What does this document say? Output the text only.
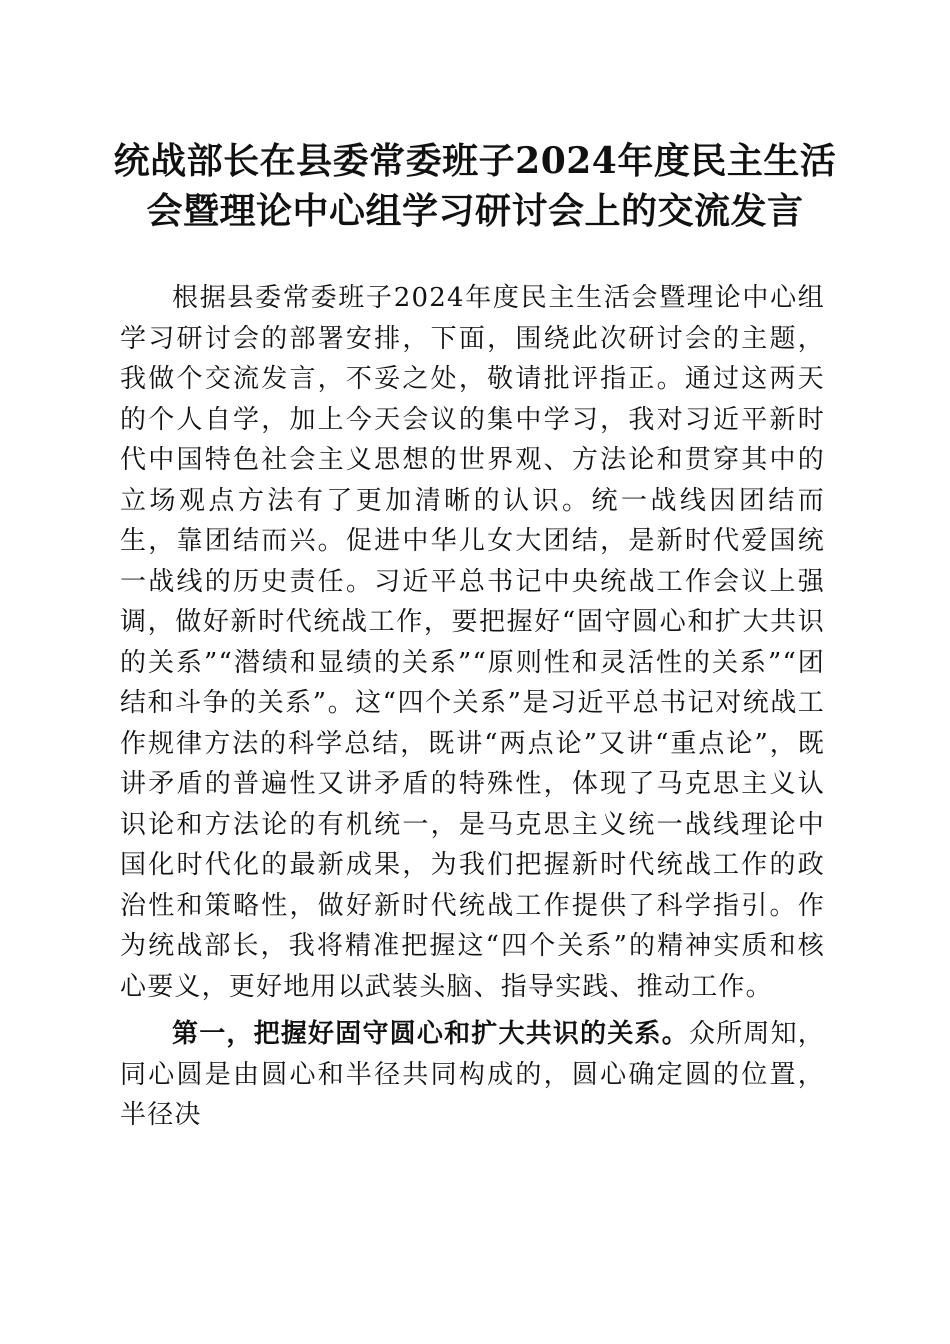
统战部长在县委常委班子2024年度民主生活
会暨理论中心组学习研讨会上的交流发言

根据县委常委班子2024年度民主生活会暨理论中心组学习研讨会的部署安排，下面，围绕此次研讨会的主题，我做个交流发言，不妥之处，敬请批评指正。通过这两天的个人自学，加上今天会议的集中学习，我对习近平新时代中国特色社会主义思想的世界观、方法论和贯穿其中的立场观点方法有了更加清晰的认识。统一战线因团结而生，靠团结而兴。促进中华儿女大团结，是新时代爱国统一战线的历史责任。习近平总书记中央统战工作会议上强调，做好新时代统战工作，要把握好“固守圆心和扩大共识的关系”“潜绩和显绩的关系”“原则性和灵活性的关系”“团结和斗争的关系”。这“四个关系”是习近平总书记对统战工作规律方法的科学总结，既讲“两点论”又讲“重点论”，既讲矛盾的普遍性又讲矛盾的特殊性，体现了马克思主义认识论和方法论的有机统一，是马克思主义统一战线理论中国化时代化的最新成果，为我们把握新时代统战工作的政治性和策略性，做好新时代统战工作提供了科学指引。作为统战部长，我将精准把握这“四个关系”的精神实质和核心要义，更好地用以武装头脑、指导实践、推动工作。

第一，把握好固守圆心和扩大共识的关系。众所周知，同心圆是由圆心和半径共同构成的，圆心确定圆的位置，半径决
